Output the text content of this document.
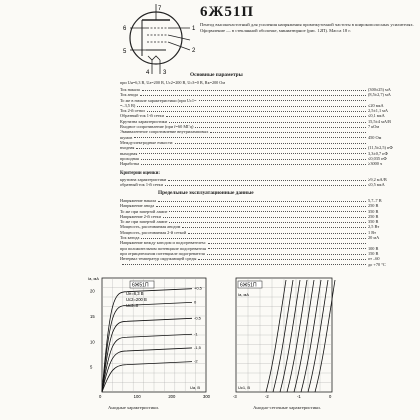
7
6
5
4 3
2
1
6Ж51П
Пентод высокочастотный для усиления напряжения промежуточной частоты в широкополосных усилителях. Оформление — в стеклянной оболочке, миниатюрное (рис. 12П). Масса 18 г.
Основные параметры
при Uн=6,3 В, Uа=200 В, Uс2=200 В, Uс3=0 В, Rк=200 Ом
Ток накала	(300±25) мА
Ток анода	(8,5±2,7) мА
То же в начале характеристики (при Uс1=
=–3,5 В)	≤20 мкА
Ток 2-й сетки	2,5±1,1 мА
Обратный ток 1-й сетки	≤0,1 мкА
Крутизна характеристики	15,5±4 мА/В
Входное сопротивление (при f=60 МГц)	7 кОм
Эквивалентное сопротивление внутриламповых
шумов	450 Ом
Междуэлектродные емкости:
входная	(11,5±2,5) пФ
выходная	3,3±0,7 пФ
проходная	≤0,035 пФ
Наработка	≥3000 ч
Критерии оценки:
крутизна характеристики	≥9,2 мА/В
обратный ток 1-й сетки	≤0,5 мкА
Предельные эксплуатационные данные
Напряжение накала	5,7–7 В
Напряжение анода	250 В
То же при запертой лампе	350 В
Напряжение 2-й сетки	250 В
То же при запертой лампе	350 В
Мощность, рассеиваемая анодом	2,5 Вт
Мощность, рассеиваемая 2-й сеткой	1 Вт
Ток катода	20 мА
Напряжение между катодом и подогревателем:
при положительном потенциале подогревателя	100 В
при отрицательном потенциале подогревателя	150 В
Интервал температур окружающей среды	от –60
до +70 °С
6Ж51П
Uн=6,3 В
Uс2=200 В
Uс3=0
+0,5
0
-0,5
-1
-1,5
-2
5
10
15
20
0	100	200	300
Iа, мА
Uа, В
Анодные характеристики.
6Ж51П
-3	-2	-1	0
Iа, мА
Uс1, В
Анодно-сеточные характеристики.
